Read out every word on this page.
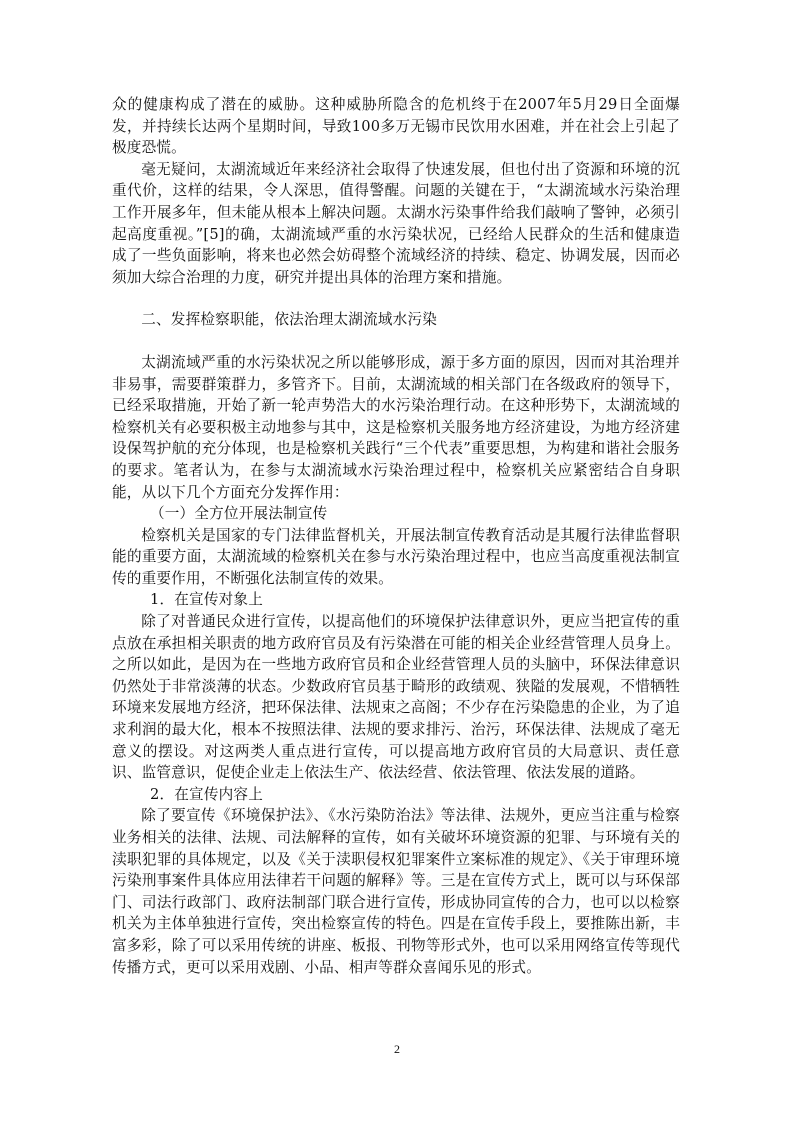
众的健康构成了潜在的威胁。这种威胁所隐含的危机终于在2007年5月29日全面爆发，并持续长达两个星期时间，导致100多万无锡市民饮用水困难，并在社会上引起了极度恐慌。

毫无疑问，太湖流域近年来经济社会取得了快速发展，但也付出了资源和环境的沉重代价，这样的结果，令人深思，值得警醒。问题的关键在于，“太湖流域水污染治理工作开展多年，但未能从根本上解决问题。太湖水污染事件给我们敲响了警钟，必须引起高度重视。”[5]的确，太湖流域严重的水污染状况，已经给人民群众的生活和健康造成了一些负面影响，将来也必然会妨碍整个流域经济的持续、稳定、协调发展，因而必须加大综合治理的力度，研究并提出具体的治理方案和措施。

二、发挥检察职能，依法治理太湖流域水污染

太湖流域严重的水污染状况之所以能够形成，源于多方面的原因，因而对其治理并非易事，需要群策群力，多管齐下。目前，太湖流域的相关部门在各级政府的领导下，已经采取措施，开始了新一轮声势浩大的水污染治理行动。在这种形势下，太湖流域的检察机关有必要积极主动地参与其中，这是检察机关服务地方经济建设，为地方经济建设保驾护航的充分体现，也是检察机关践行“三个代表”重要思想，为构建和谐社会服务的要求。笔者认为，在参与太湖流域水污染治理过程中，检察机关应紧密结合自身职能，从以下几个方面充分发挥作用：

（一）全方位开展法制宣传

检察机关是国家的专门法律监督机关，开展法制宣传教育活动是其履行法律监督职能的重要方面，太湖流域的检察机关在参与水污染治理过程中，也应当高度重视法制宣传的重要作用，不断强化法制宣传的效果。

1．在宣传对象上

除了对普通民众进行宣传，以提高他们的环境保护法律意识外，更应当把宣传的重点放在承担相关职责的地方政府官员及有污染潜在可能的相关企业经营管理人员身上。之所以如此，是因为在一些地方政府官员和企业经营管理人员的头脑中，环保法律意识仍然处于非常淡薄的状态。少数政府官员基于畸形的政绩观、狭隘的发展观，不惜牺牲环境来发展地方经济，把环保法律、法规束之高阁；不少存在污染隐患的企业，为了追求利润的最大化，根本不按照法律、法规的要求排污、治污，环保法律、法规成了毫无意义的摆设。对这两类人重点进行宣传，可以提高地方政府官员的大局意识、责任意识、监管意识，促使企业走上依法生产、依法经营、依法管理、依法发展的道路。

2．在宣传内容上

除了要宣传《环境保护法》、《水污染防治法》等法律、法规外，更应当注重与检察业务相关的法律、法规、司法解释的宣传，如有关破坏环境资源的犯罪、与环境有关的渎职犯罪的具体规定，以及《关于渎职侵权犯罪案件立案标准的规定》、《关于审理环境污染刑事案件具体应用法律若干问题的解释》等。三是在宣传方式上，既可以与环保部门、司法行政部门、政府法制部门联合进行宣传，形成协同宣传的合力，也可以以检察机关为主体单独进行宣传，突出检察宣传的特色。四是在宣传手段上，要推陈出新，丰富多彩，除了可以采用传统的讲座、板报、刊物等形式外，也可以采用网络宣传等现代传播方式，更可以采用戏剧、小品、相声等群众喜闻乐见的形式。

2
